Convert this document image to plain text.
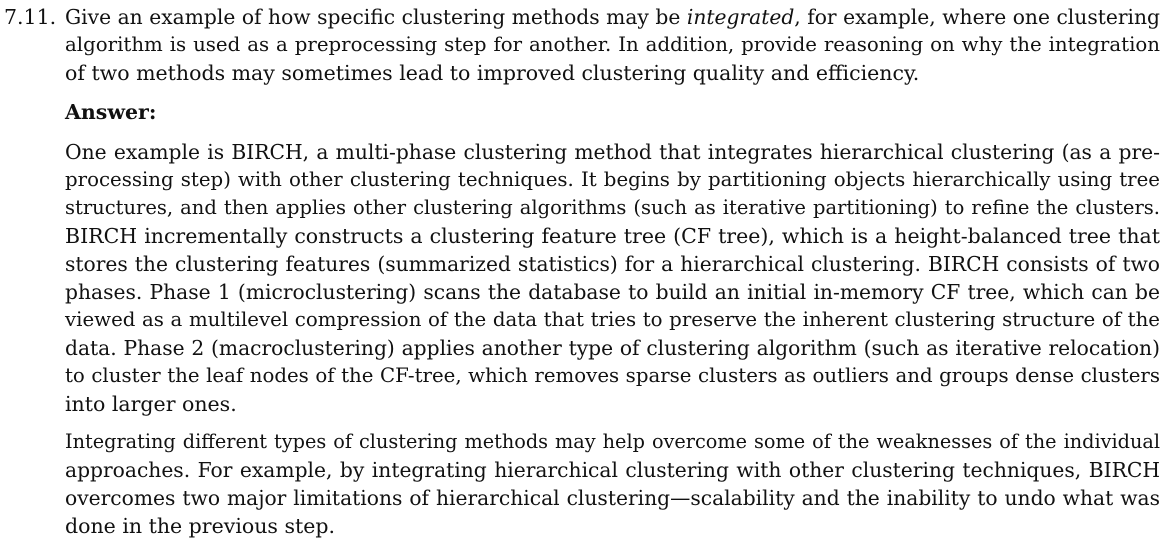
7.11. Give an example of how specific clustering methods may be integrated, for example, where one clustering
algorithm is used as a preprocessing step for another. In addition, provide reasoning on why the integration
of two methods may sometimes lead to improved clustering quality and efficiency.
Answer:
One example is BIRCH, a multi-phase clustering method that integrates hierarchical clustering (as a pre-
processing step) with other clustering techniques. It begins by partitioning objects hierarchically using tree
structures, and then applies other clustering algorithms (such as iterative partitioning) to refine the clusters.
BIRCH incrementally constructs a clustering feature tree (CF tree), which is a height-balanced tree that
stores the clustering features (summarized statistics) for a hierarchical clustering. BIRCH consists of two
phases. Phase 1 (microclustering) scans the database to build an initial in-memory CF tree, which can be
viewed as a multilevel compression of the data that tries to preserve the inherent clustering structure of the
data. Phase 2 (macroclustering) applies another type of clustering algorithm (such as iterative relocation)
to cluster the leaf nodes of the CF-tree, which removes sparse clusters as outliers and groups dense clusters
into larger ones.
Integrating different types of clustering methods may help overcome some of the weaknesses of the individual
approaches. For example, by integrating hierarchical clustering with other clustering techniques, BIRCH
overcomes two major limitations of hierarchical clustering—scalability and the inability to undo what was
done in the previous step.
